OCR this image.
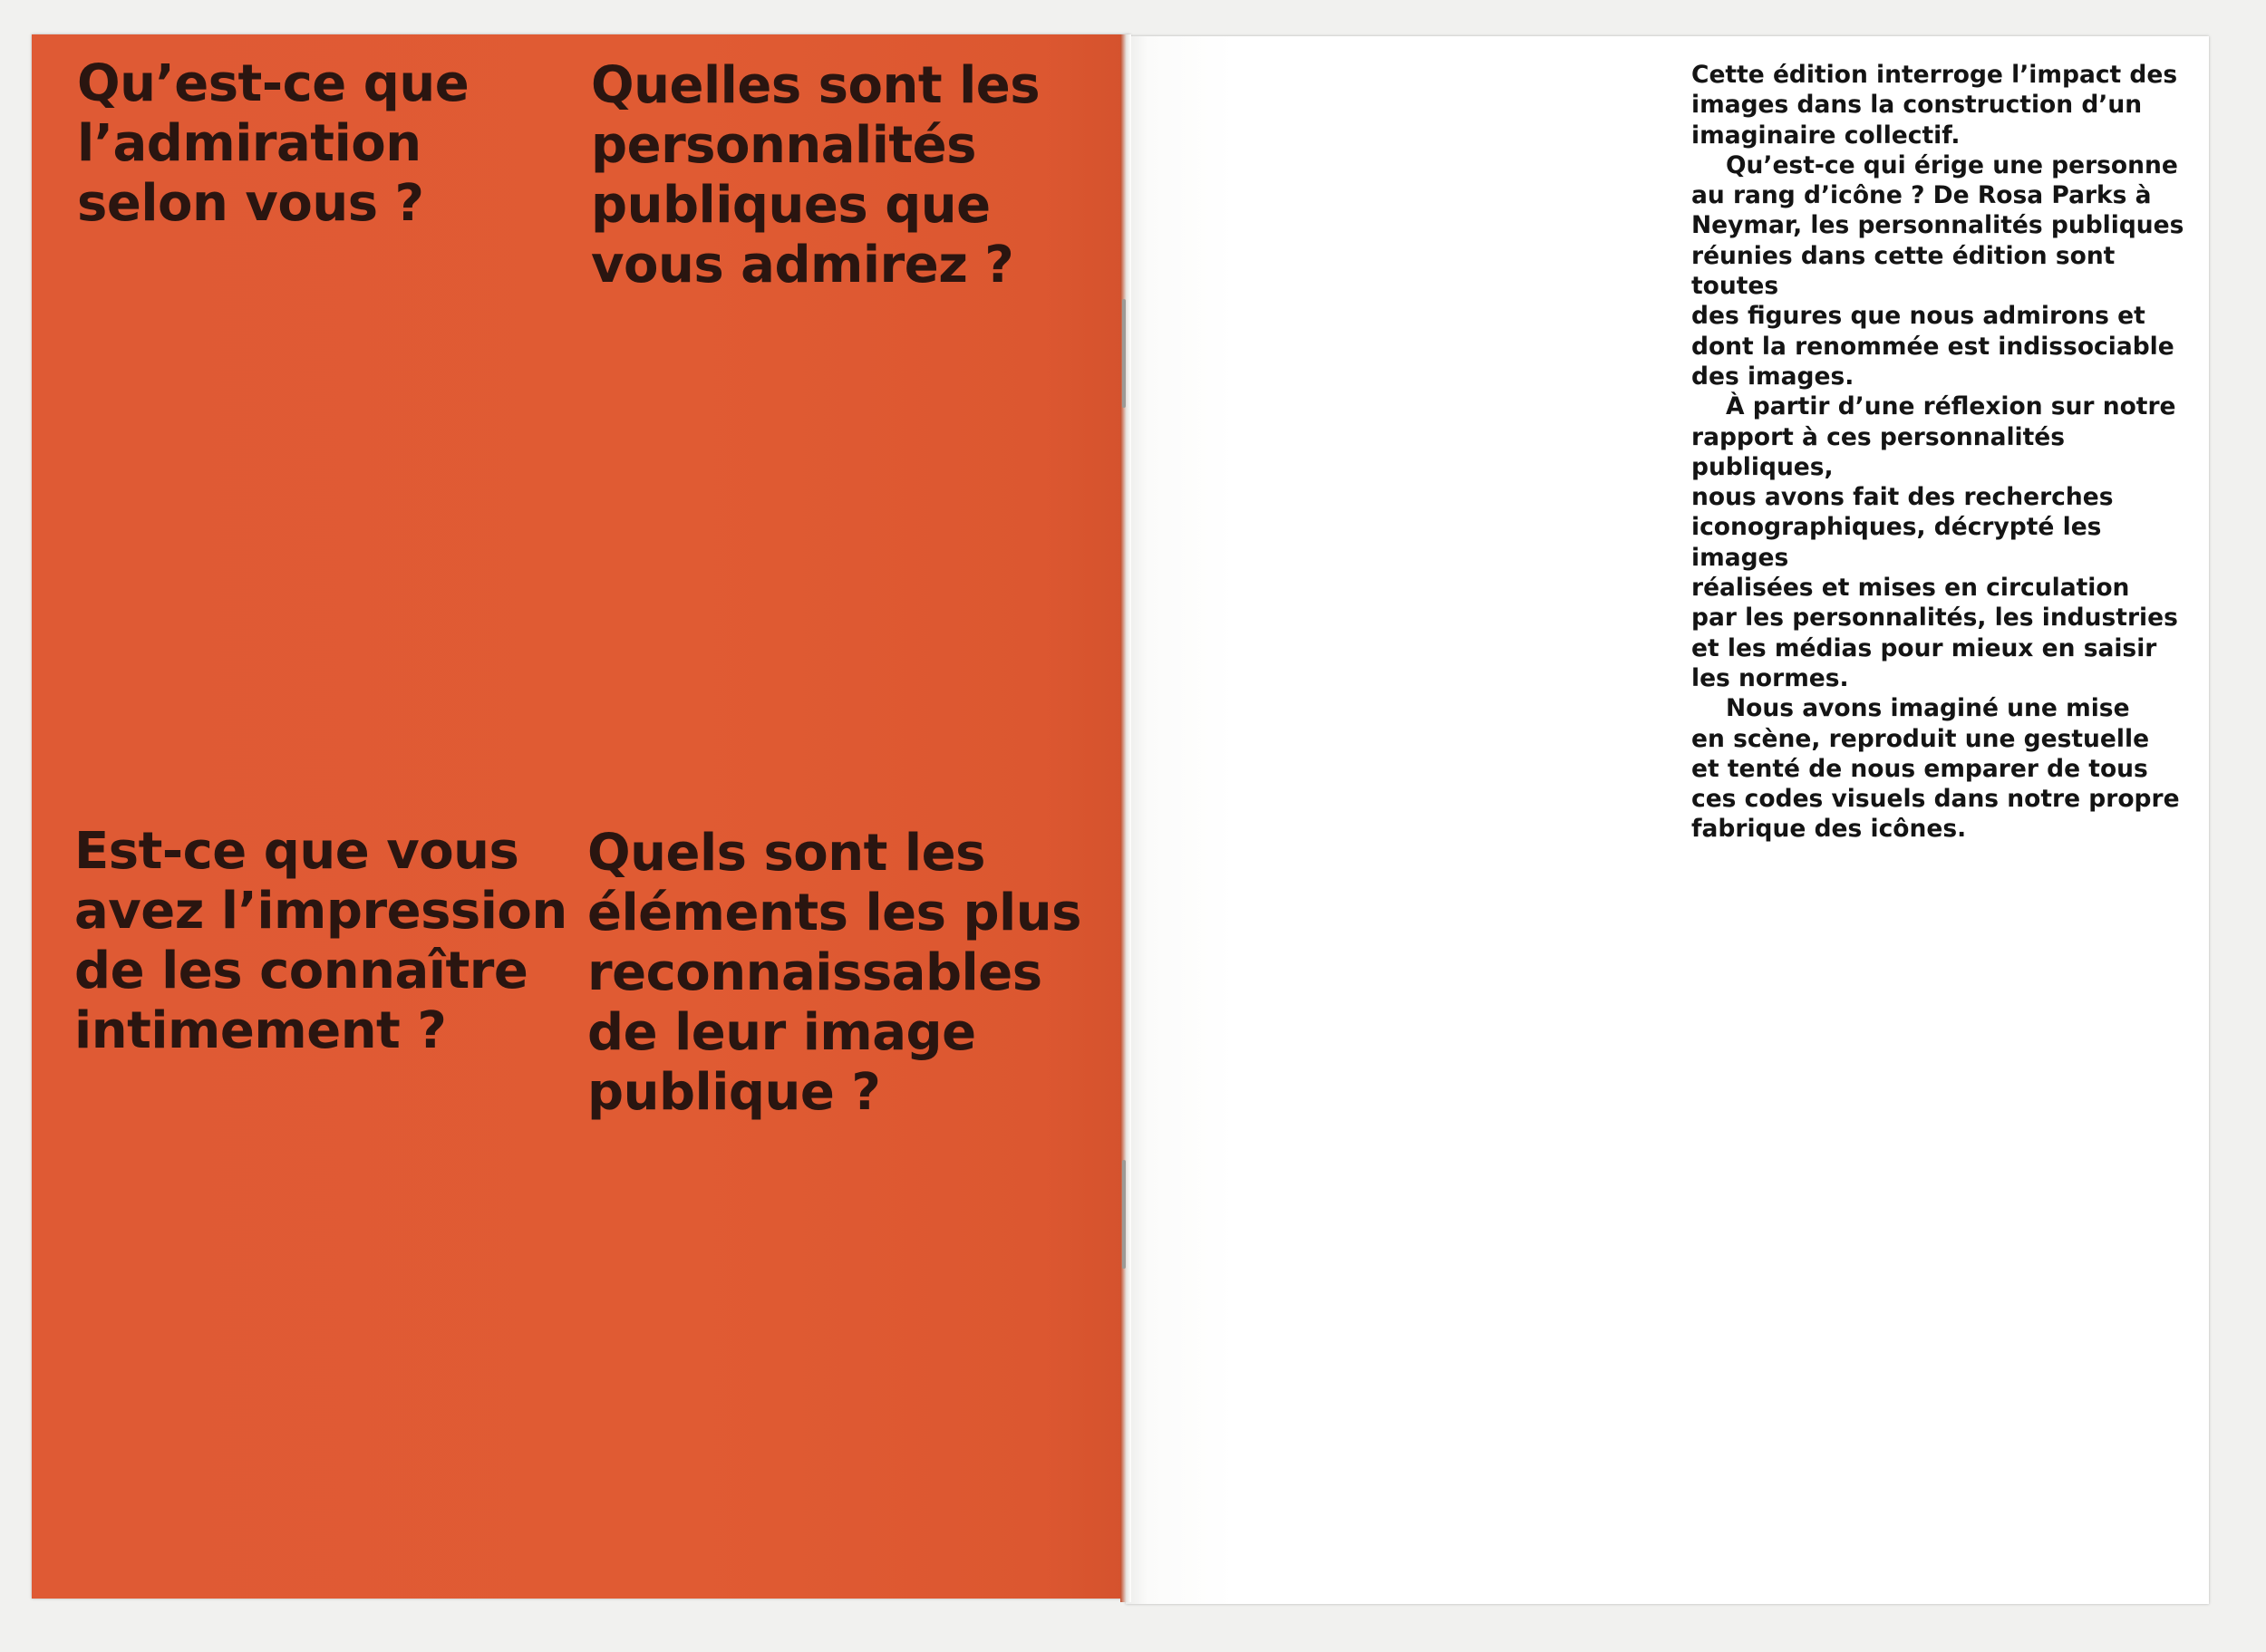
Qu’est-ce que
l’admiration
selon vous ?
Quelles sont les
personnalités
publiques que
vous admirez ?
Est-ce que vous
avez l’impression
de les connaître
intimement ?
Quels sont les
éléments les plus
reconnaissables
de leur image
publique ?

Cette édition interroge l’impact des
images dans la construction d’un
imaginaire collectif.

Qu’est-ce qui érige une personne
au rang d’icône ? De Rosa Parks à
Neymar, les personnalités publiques
réunies dans cette édition sont toutes
des figures que nous admirons et
dont la renommée est indissociable
des images.

À partir d’une réflexion sur notre
rapport à ces personnalités publiques,
nous avons fait des recherches
iconographiques, décrypté les images
réalisées et mises en circulation
par les personnalités, les industries
et les médias pour mieux en saisir
les normes.

Nous avons imaginé une mise
en scène, reproduit une gestuelle
et tenté de nous emparer de tous
ces codes visuels dans notre propre
fabrique des icônes.
